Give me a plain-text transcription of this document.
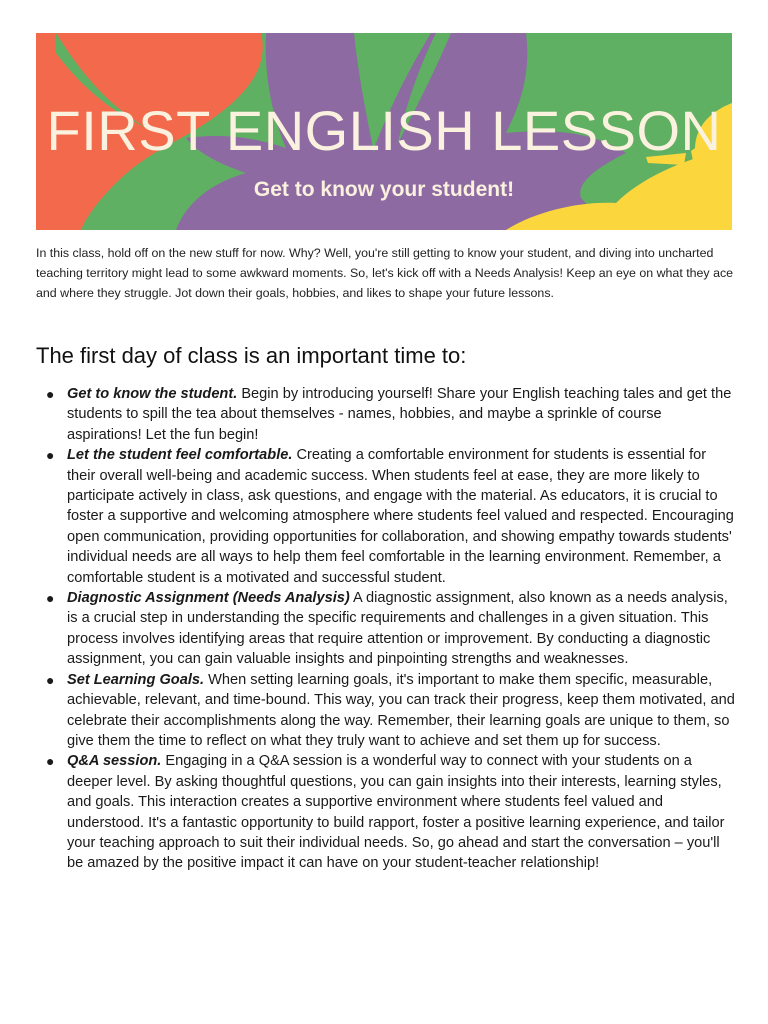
FIRST ENGLISH LESSON

Get to know your student!

In this class, hold off on the new stuff for now. Why? Well, you're still getting to know your student, and diving into uncharted teaching territory might lead to some awkward moments. So, let's kick off with a Needs Analysis! Keep an eye on what they ace and where they struggle. Jot down their goals, hobbies, and likes to shape your future lessons.

The first day of class is an important time to:
● Get to know the student. Begin by introducing yourself! Share your English teaching tales and get the students to spill the tea about themselves - names, hobbies, and maybe a sprinkle of course aspirations! Let the fun begin!
● Let the student feel comfortable. Creating a comfortable environment for students is essential for their overall well-being and academic success. When students feel at ease, they are more likely to participate actively in class, ask questions, and engage with the material. As educators, it is crucial to foster a supportive and welcoming atmosphere where students feel valued and respected. Encouraging open communication, providing opportunities for collaboration, and showing empathy towards students' individual needs are all ways to help them feel comfortable in the learning environment. Remember, a comfortable student is a motivated and successful student.
● Diagnostic Assignment (Needs Analysis) A diagnostic assignment, also known as a needs analysis, is a crucial step in understanding the specific requirements and challenges in a given situation. This process involves identifying areas that require attention or improvement. By conducting a diagnostic assignment, you can gain valuable insights and pinpointing strengths and weaknesses.
● Set Learning Goals. When setting learning goals, it's important to make them specific, measurable, achievable, relevant, and time-bound. This way, you can track their progress, keep them motivated, and celebrate their accomplishments along the way. Remember, their learning goals are unique to them, so give them the time to reflect on what they truly want to achieve and set them up for success.
● Q&A session. Engaging in a Q&A session is a wonderful way to connect with your students on a deeper level. By asking thoughtful questions, you can gain insights into their interests, learning styles, and goals. This interaction creates a supportive environment where students feel valued and understood. It's a fantastic opportunity to build rapport, foster a positive learning experience, and tailor your teaching approach to suit their individual needs. So, go ahead and start the conversation – you'll be amazed by the positive impact it can have on your student-teacher relationship!
